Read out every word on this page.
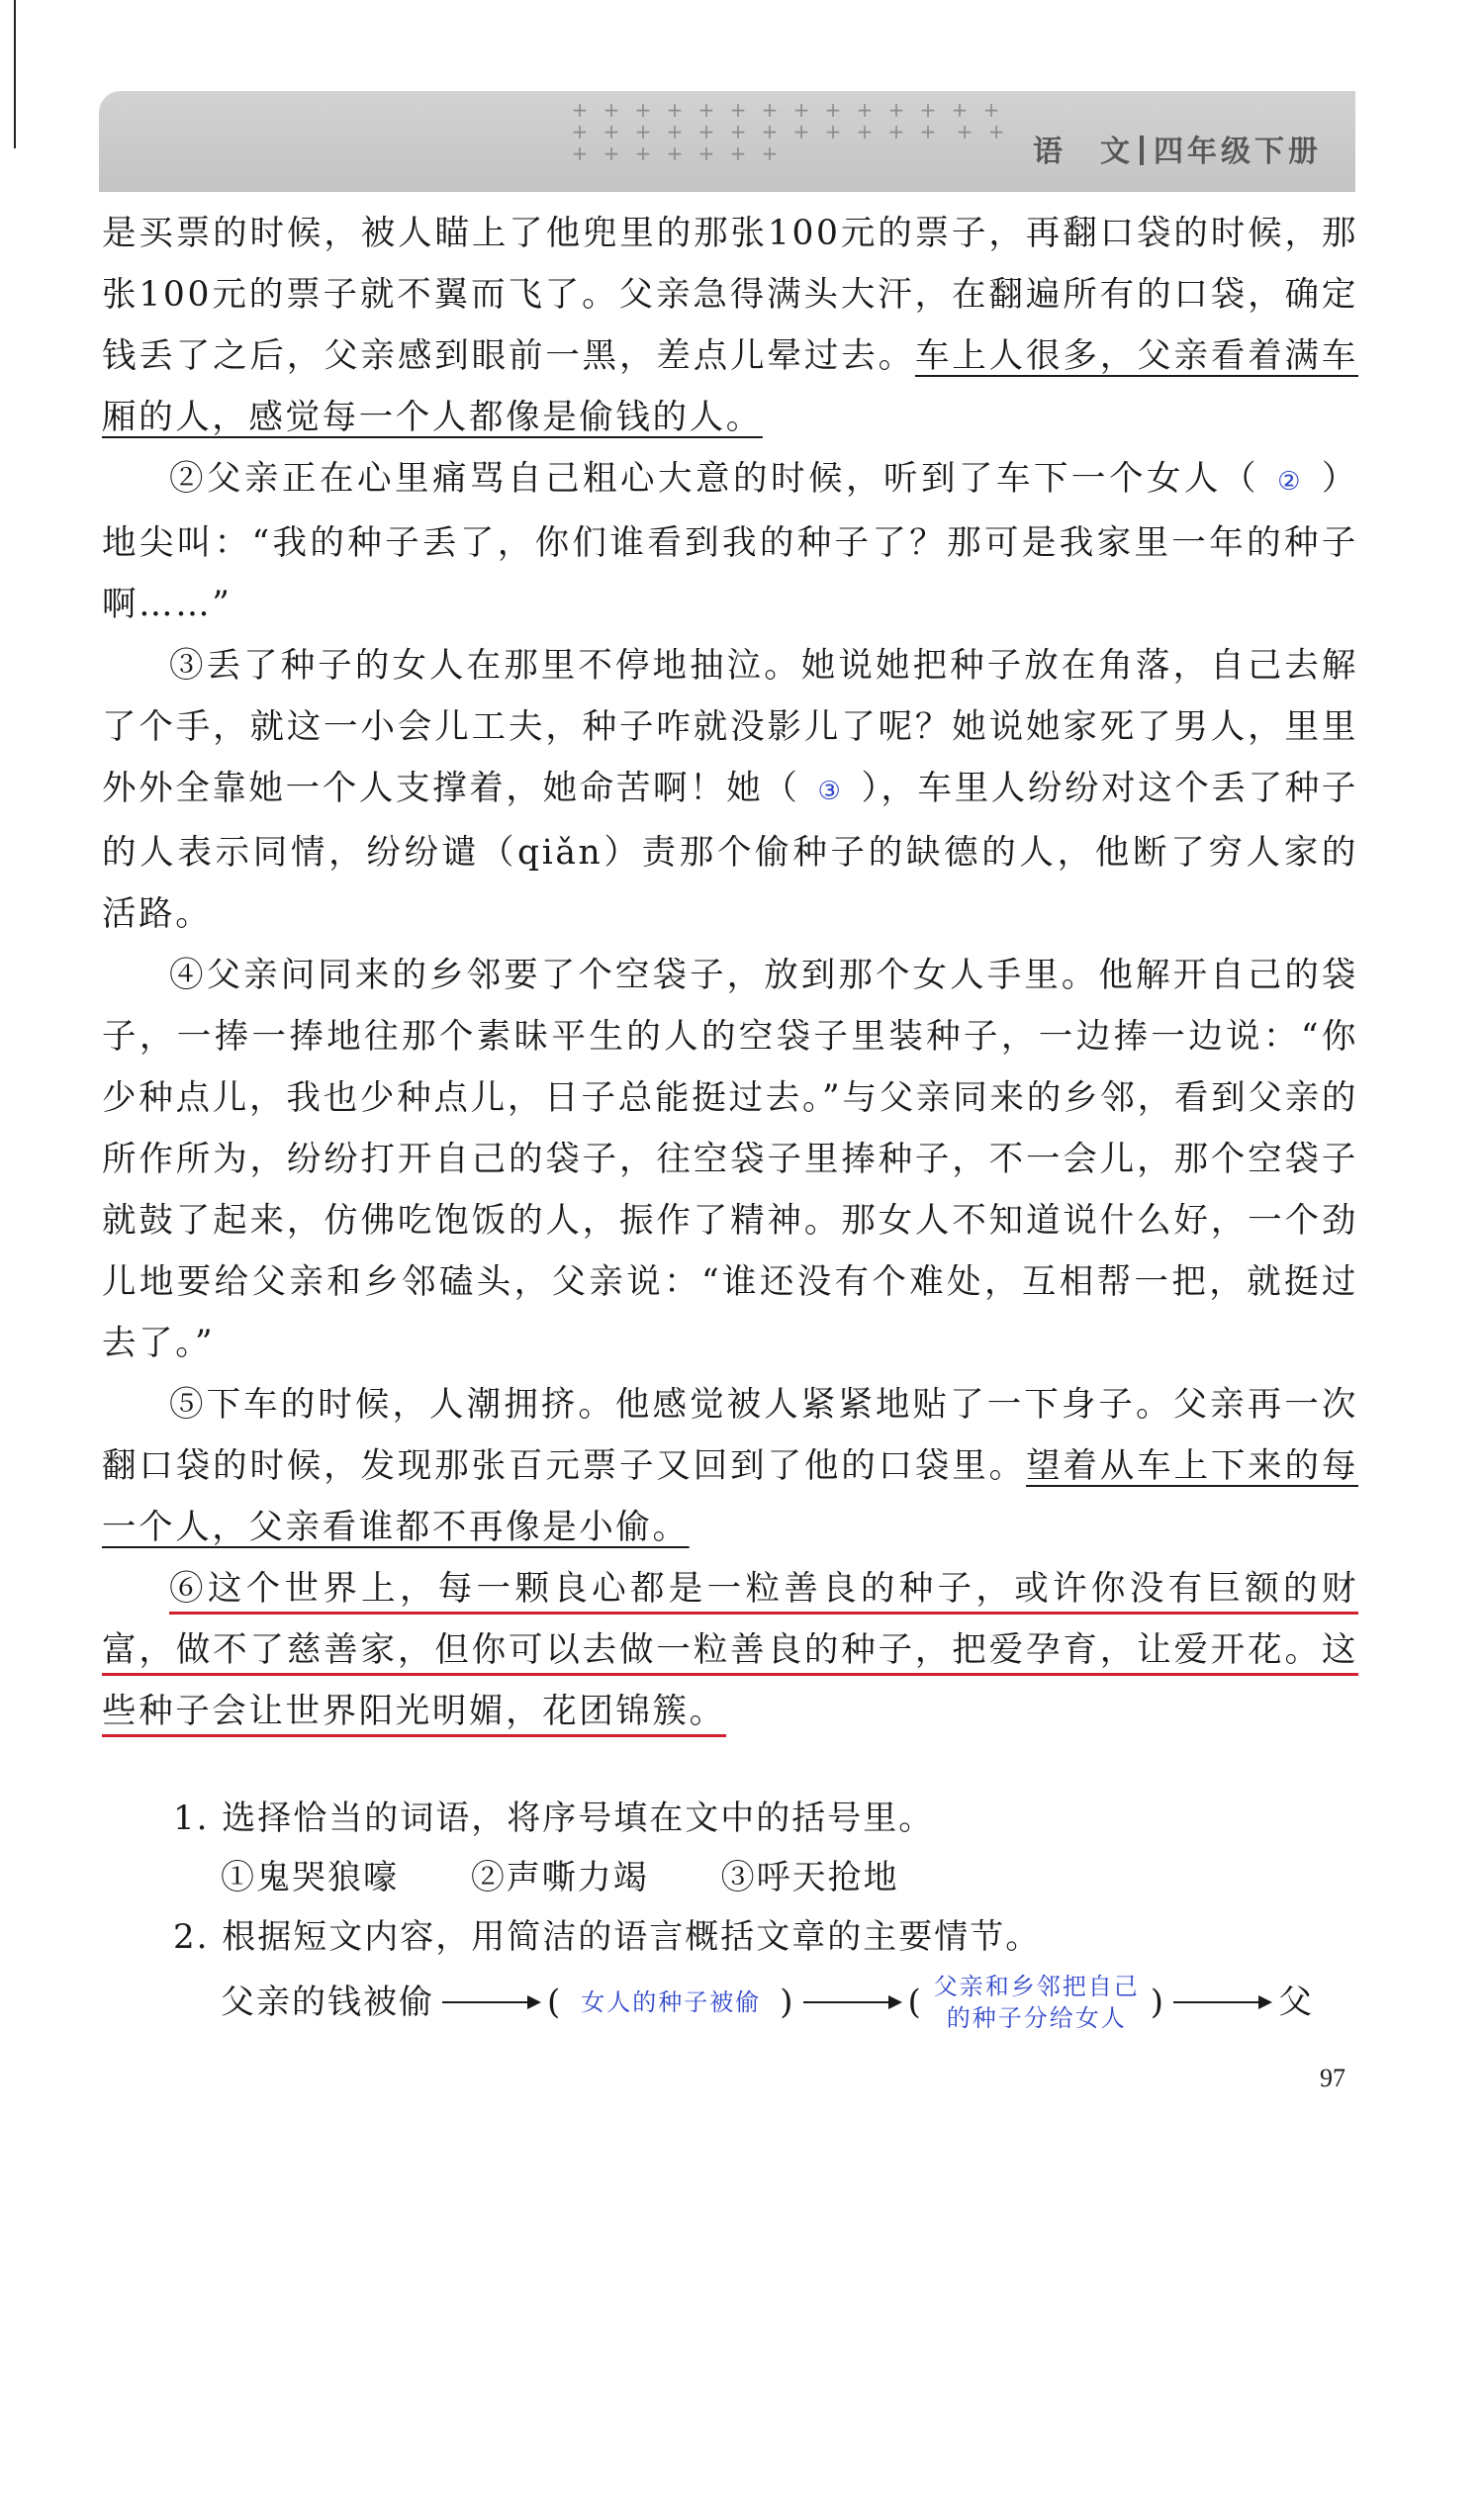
+ + + + + + + + + + + + + + + + + + + + + + + + + + + ++ + + + + + +	语　文 四年级下册

是买票的时候，被人瞄上了他兜里的那张100元的票子，再翻口袋的时候，那张100元的票子就不翼而飞了。父亲急得满头大汗，在翻遍所有的口袋，确定钱丢了之后，父亲感到眼前一黑，差点儿晕过去。车上人很多，父亲看着满车厢的人，感觉每一个人都像是偷钱的人。

②父亲正在心里痛骂自己粗心大意的时候，听到了车下一个女人（ ② ）地尖叫：“我的种子丢了，你们谁看到我的种子了？那可是我家里一年的种子啊……”

③丢了种子的女人在那里不停地抽泣。她说她把种子放在角落，自己去解了个手，就这一小会儿工夫，种子咋就没影儿了呢？她说她家死了男人，里里外外全靠她一个人支撑着，她命苦啊！她（ ③ ），车里人纷纷对这个丢了种子的人表示同情，纷纷谴（qiǎn）责那个偷种子的缺德的人，他断了穷人家的活路。

④父亲问同来的乡邻要了个空袋子，放到那个女人手里。他解开自己的袋子，一捧一捧地往那个素昧平生的人的空袋子里装种子，一边捧一边说：“你少种点儿，我也少种点儿，日子总能挺过去。”与父亲同来的乡邻，看到父亲的所作所为，纷纷打开自己的袋子，往空袋子里捧种子，不一会儿，那个空袋子就鼓了起来，仿佛吃饱饭的人，振作了精神。那女人不知道说什么好，一个劲儿地要给父亲和乡邻磕头，父亲说：“谁还没有个难处，互相帮一把，就挺过去了。”

⑤下车的时候，人潮拥挤。他感觉被人紧紧地贴了一下身子。父亲再一次翻口袋的时候，发现那张百元票子又回到了他的口袋里。望着从车上下来的每一个人，父亲看谁都不再像是小偷。

⑥这个世界上，每一颗良心都是一粒善良的种子，或许你没有巨额的财富，做不了慈善家，但你可以去做一粒善良的种子，把爱孕育，让爱开花。这些种子会让世界阳光明媚，花团锦簇。

1. 选择恰当的词语，将序号填在文中的括号里。

①鬼哭狼嚎 ②声嘶力竭 ③呼天抢地

2. 根据短文内容，用简洁的语言概括文章的主要情节。

父亲的钱被偷	( 女人的种子被偷 )	( 父亲和乡邻把自己的种子分给女人 )	父
97
